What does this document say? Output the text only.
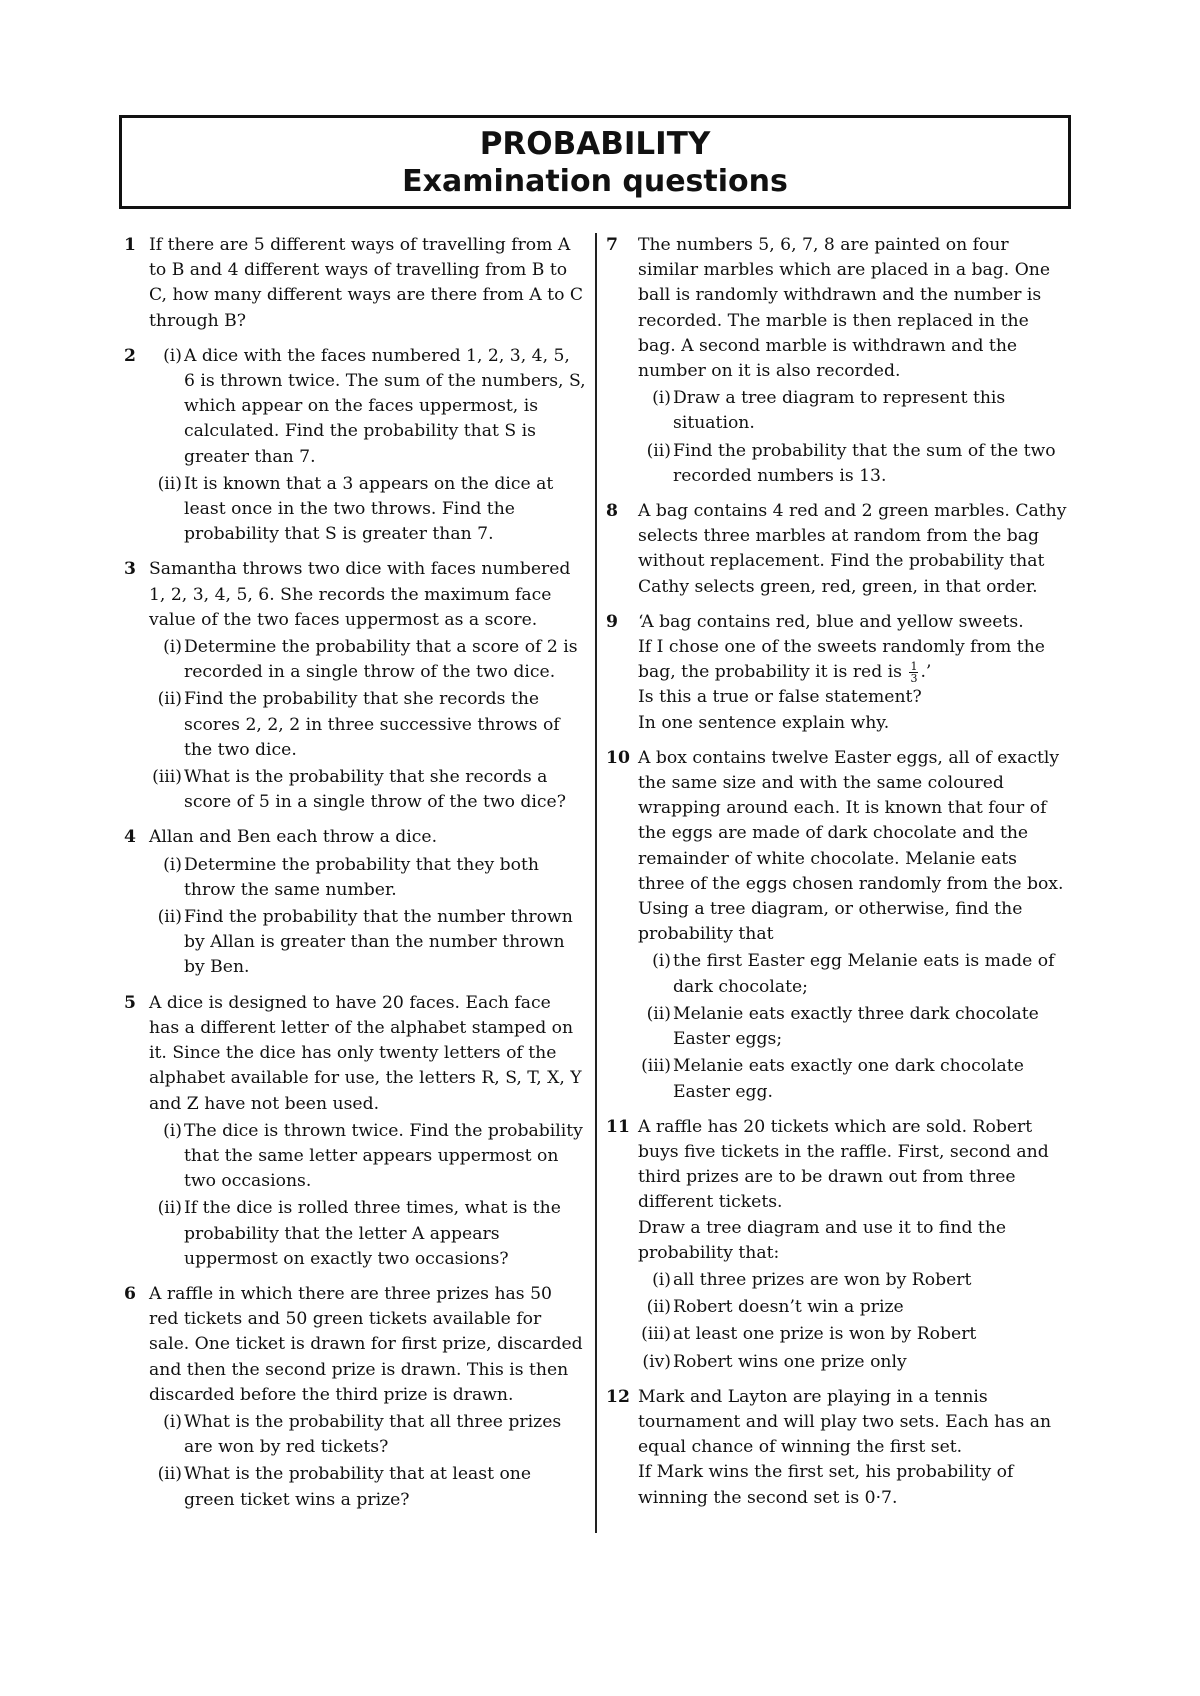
PROBABILITY
Examination questions
1 If there are 5 different ways of travelling from A to B and 4 different ways of travelling from B to C, how many different ways are there from A to C through B?

2	(i) A dice with the faces numbered 1, 2, 3, 4, 5, 6 is thrown twice. The sum of the numbers, S, which appear on the faces uppermost, is calculated. Find the probability that S is greater than 7.
(ii) It is known that a 3 appears on the dice at least once in the two throws. Find the probability that S is greater than 7.
3 Samantha throws two dice with faces numbered 1, 2, 3, 4, 5, 6. She records the maximum face value of the two faces uppermost as a score.

(i) Determine the probability that a score of 2 is recorded in a single throw of the two dice.
(ii) Find the probability that she records the scores 2, 2, 2 in three successive throws of the two dice.
(iii) What is the probability that she records a score of 5 in a single throw of the two dice?
4 Allan and Ben each throw a dice.

(i) Determine the probability that they both throw the same number.
(ii) Find the probability that the number thrown by Allan is greater than the number thrown by Ben.
5 A dice is designed to have 20 faces. Each face has a different letter of the alphabet stamped on it. Since the dice has only twenty letters of the alphabet available for use, the letters R, S, T, X, Y and Z have not been used.

(i) The dice is thrown twice. Find the probability that the same letter appears uppermost on two occasions.
(ii) If the dice is rolled three times, what is the probability that the letter A appears uppermost on exactly two occasions?
6 A raffle in which there are three prizes has 50 red tickets and 50 green tickets available for sale. One ticket is drawn for first prize, discarded and then the second prize is drawn. This is then discarded before the third prize is drawn.

(i) What is the probability that all three prizes are won by red tickets?
(ii) What is the probability that at least one green ticket wins a prize?
7	The numbers 5, 6, 7, 8 are painted on four similar marbles which are placed in a bag. One ball is randomly withdrawn and the number is recorded. The marble is then replaced in the bag. A second marble is withdrawn and the number on it is also recorded.

(i) Draw a tree diagram to represent this situation.
(ii) Find the probability that the sum of the two recorded numbers is 13.
8	A bag contains 4 red and 2 green marbles. Cathy selects three marbles at random from the bag without replacement. Find the probability that Cathy selects green, red, green, in that order.

9	‘A bag contains red, blue and yellow sweets.

If I chose one of the sweets randomly from the bag, the probability it is red is $\frac{1}{3}$ .’

Is this a true or false statement?

In one sentence explain why.

10 A box contains twelve Easter eggs, all of exactly the same size and with the same coloured wrapping around each. It is known that four of the eggs are made of dark chocolate and the remainder of white chocolate. Melanie eats three of the eggs chosen randomly from the box. Using a tree diagram, or otherwise, find the probability that

(i) the first Easter egg Melanie eats is made of dark chocolate;
(ii) Melanie eats exactly three dark chocolate Easter eggs;
(iii) Melanie eats exactly one dark chocolate Easter egg.
11 A raffle has 20 tickets which are sold. Robert buys five tickets in the raffle. First, second and third prizes are to be drawn out from three different tickets.

Draw a tree diagram and use it to find the probability that:

(i) all three prizes are won by Robert
(ii) Robert doesn’t win a prize
(iii) at least one prize is won by Robert
(iv) Robert wins one prize only
12 Mark and Layton are playing in a tennis tournament and will play two sets. Each has an equal chance of winning the first set.

If Mark wins the first set, his probability of winning the second set is 0·7.
